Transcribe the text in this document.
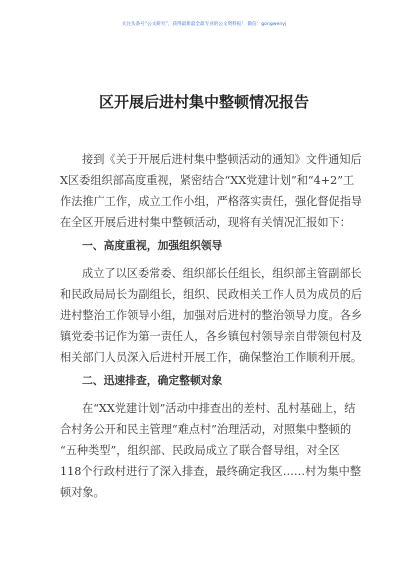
关注头条号“公文研究”，获得最新最全最专业的公文资料报！ 微信：gongwenyj
区开展后进村集中整顿情况报告
接到《关于开展后进村集中整顿活动的通知》文件通知后
X区委组织部高度重视，紧密结合“XX党建计划”和“4+2”工
作法推广工作，成立工作小组，严格落实责任，强化督促指导
在全区开展后进村集中整顿活动，现将有关情况汇报如下：
一、高度重视，加强组织领导
成立了以区委常委、组织部长任组长，组织部主管副部长
和民政局局长为副组长，组织、民政相关工作人员为成员的后
进村整治工作领导小组，加强对后进村的整治领导力度。各乡
镇党委书记作为第一责任人，各乡镇包村领导亲自带领包村及
相关部门人员深入后进村开展工作，确保整治工作顺利开展。
二、迅速排查，确定整顿对象
在“XX党建计划”活动中排查出的差村、乱村基础上，结
合村务公开和民主管理“难点村”治理活动，对照集中整顿的
“五种类型”，组织部、民政局成立了联合督导组，对全区
118个行政村进行了深入排查，最终确定我区……村为集中整
顿对象。
